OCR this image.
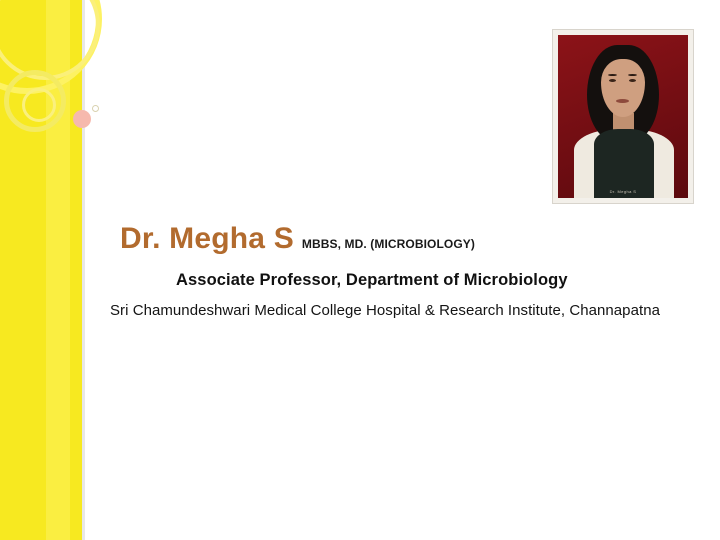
Dr. Megha S
Dr. Megha S MBBS, MD. (MICROBIOLOGY)
Associate Professor, Department of Microbiology
Sri Chamundeshwari Medical College Hospital & Research Institute, Channapatna
